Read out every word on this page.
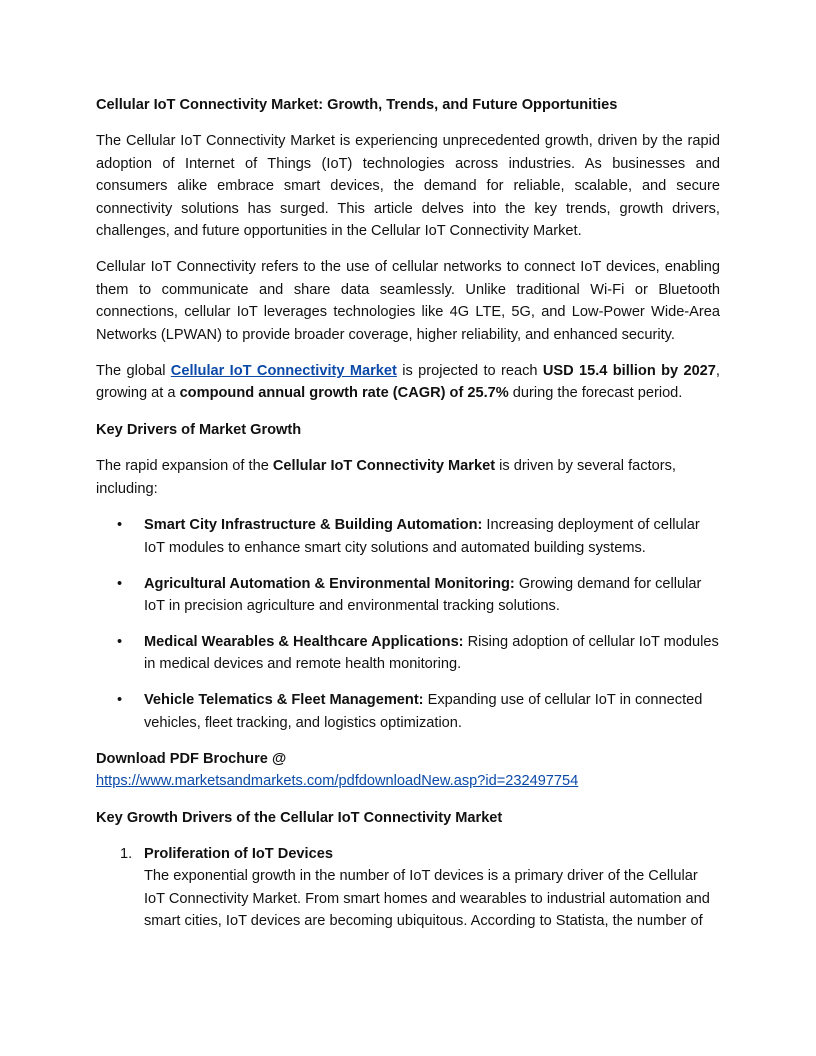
Cellular IoT Connectivity Market: Growth, Trends, and Future Opportunities

The Cellular IoT Connectivity Market is experiencing unprecedented growth, driven by the rapid adoption of Internet of Things (IoT) technologies across industries. As businesses and consumers alike embrace smart devices, the demand for reliable, scalable, and secure connectivity solutions has surged. This article delves into the key trends, growth drivers, challenges, and future opportunities in the Cellular IoT Connectivity Market.

Cellular IoT Connectivity refers to the use of cellular networks to connect IoT devices, enabling them to communicate and share data seamlessly. Unlike traditional Wi-Fi or Bluetooth connections, cellular IoT leverages technologies like 4G LTE, 5G, and Low-Power Wide-Area Networks (LPWAN) to provide broader coverage, higher reliability, and enhanced security.

The global Cellular IoT Connectivity Market is projected to reach USD 15.4 billion by 2027, growing at a compound annual growth rate (CAGR) of 25.7% during the forecast period.

Key Drivers of Market Growth

The rapid expansion of the Cellular IoT Connectivity Market is driven by several factors, including:

• Smart City Infrastructure & Building Automation: Increasing deployment of cellular IoT modules to enhance smart city solutions and automated building systems.
• Agricultural Automation & Environmental Monitoring: Growing demand for cellular IoT in precision agriculture and environmental tracking solutions.
• Medical Wearables & Healthcare Applications: Rising adoption of cellular IoT modules in medical devices and remote health monitoring.
• Vehicle Telematics & Fleet Management: Expanding use of cellular IoT in connected vehicles, fleet tracking, and logistics optimization.
Download PDF Brochure @
https://www.marketsandmarkets.com/pdfdownloadNew.asp?id=232497754

Key Growth Drivers of the Cellular IoT Connectivity Market

1. Proliferation of IoT Devices
The exponential growth in the number of IoT devices is a primary driver of the Cellular IoT Connectivity Market. From smart homes and wearables to industrial automation and smart cities, IoT devices are becoming ubiquitous. According to Statista, the number of
